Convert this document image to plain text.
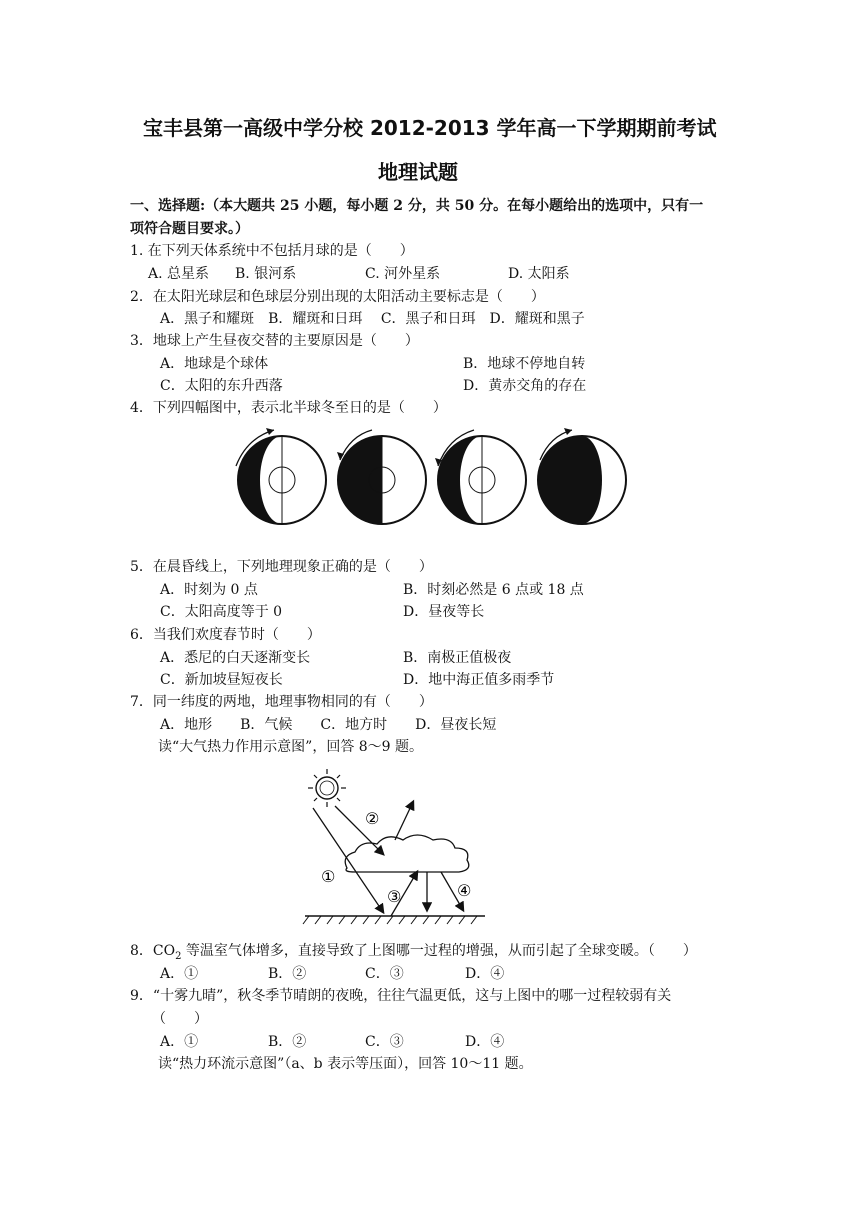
宝丰县第一高级中学分校 2012-2013 学年高一下学期期前考试
地理试题
一、选择题:（本大题共 25 小题，每小题 2 分，共 50 分。在每小题给出的选项中，只有一
项符合题目要求。）
1. 在下列天体系统中不包括月球的是（　　）
A. 总星系 B. 银河系	C. 河外星系	D. 太阳系
2．在太阳光球层和色球层分别出现的太阳活动主要标志是（　　）
A．黑子和耀斑　B．耀斑和日珥　 C．黑子和日珥　D．耀斑和黑子
3．地球上产生昼夜交替的主要原因是（　　）
A．地球是个球体	B．地球不停地自转
C．太阳的东升西落	D．黄赤交角的存在
4．下列四幅图中，表示北半球冬至日的是（　　）
5．在晨昏线上，下列地理现象正确的是（　　）
A．时刻为 0 点	B．时刻必然是 6 点或 18 点
C．太阳高度等于 0	D．昼夜等长
6．当我们欢度春节时（　　）
A．悉尼的白天逐渐变长	B．南极正值极夜
C．新加坡昼短夜长	D．地中海正值多雨季节
7．同一纬度的两地，地理事物相同的有（　　）
A．地形　　B．气候　　C．地方时　　D．昼夜长短
读“大气热力作用示意图”，回答 8～9 题。
①
②
③	④
8．$CO_2$ 等温室气体增多，直接导致了上图哪一过程的增强，从而引起了全球变暖。（　　）
A．①	B．②	C．③	D．④
9．“十雾九晴”，秋冬季节晴朗的夜晚，往往气温更低，这与上图中的哪一过程较弱有关
（　　）
A．①	B．②	C．③	D．④
读“热力环流示意图”（a、b 表示等压面），回答 10～11 题。
